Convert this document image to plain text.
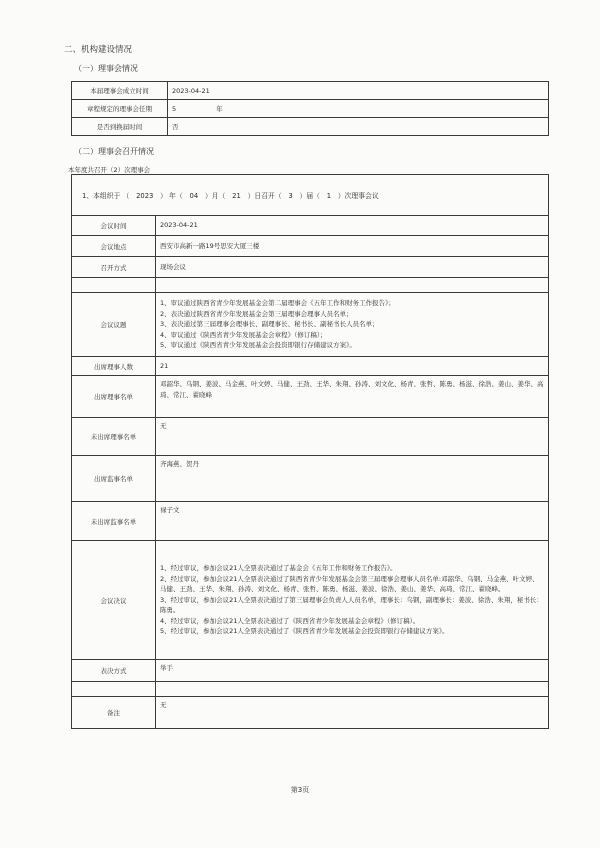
二、机构建设情况
（一）理事会情况
本届理事会成立时间	2023-04-21
章程规定的理事会任期	5 年
是否到换届时间	否
（二）理事会召开情况
本年度共召开（2）次理事会
1、本组织于 （　2023　） 年（　04　）月（　21　）日召开（　3　）届（　1　）次理事会议	
会议时间	2023-04-21
会议地点	西安市高新一路19号思安大厦三楼
召开方式	现场会议

会议议题	1、审议通过陕西省青少年发展基金会第二届理事会《五年工作和财务工作报告》；
2、表决通过陕西省青少年发展基金会第三届理事会理事人员名单；
3、表决通过第三届理事会理事长、副理事长、秘书长、副秘书长人员名单；
4、审议通过《陕西省青少年发展基金会章程》（修订稿）；
5、审议通过《陕西省青少年发展基金会投资即银行存储建议方案》。

出席理事人数	21
出席理事名单	邓韶华、乌钢、姜波、马金燕、叶文婷、马健、王劲、王华、朱翔、孙涛、刘文化、杨青、张哲、陈勇、杨滋、徐浩、姜山、姜华、高琦、常江、翟晓峰
未出席理事名单	无
出席监事名单	齐海燕、贺丹
未出席监事名单	禄子文
会议决议	1、经过审议，参加会议21人全票表决通过了基金会《五年工作和财务工作报告》。
2、经过审议，参加会议21人全票表决通过了陕西省青少年发展基金会第三届理事会理事人员名单:邓韶华、乌钢、马金燕、叶文婷、马健、王劲、王华、朱翔、孙涛、刘文化、杨青、张哲、陈勇、杨滋、姜波、徐浩、姜山、姜华、高琦、常江、翟晓峰。
3、经过审议，参加会议21人全票表决通过了第三届理事会负责人人员名单，理事长：乌钢，副理事长：姜波、徐浩、朱翔，秘书长：陈勇。
4、经过审议，参加会议21人全票表决通过了《陕西省青少年发展基金会章程》（修订稿）。
5、经过审议，参加会议21人全票表决通过了《陕西省青少年发展基金会投资即银行存储建议方案》。

表决方式	举手

备注	无
第3页
